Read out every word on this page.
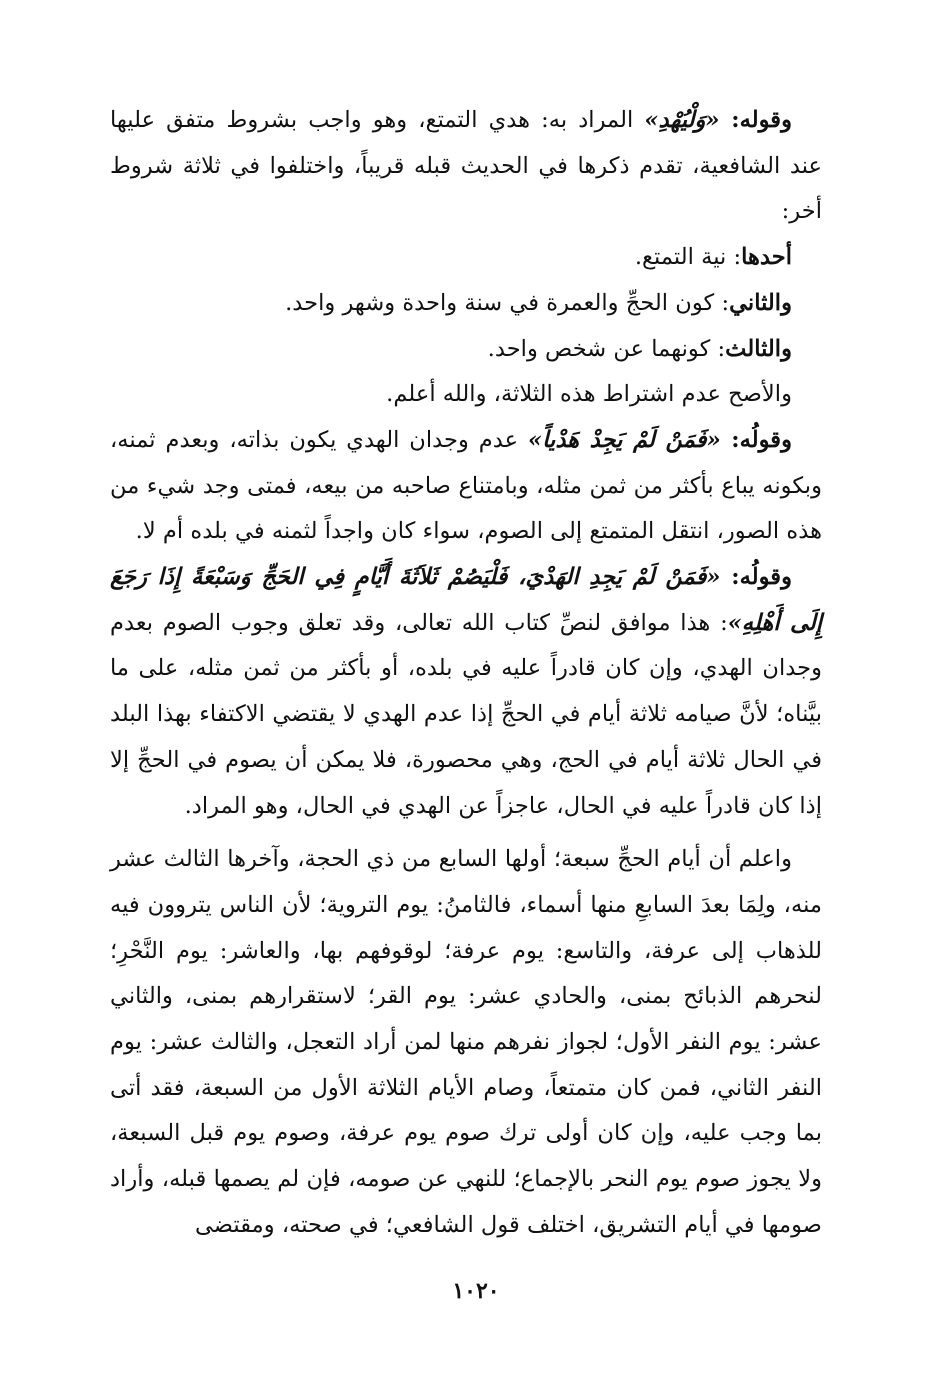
وقوله: «وَلْيُهْدِ» المراد به: هدي التمتع، وهو واجب بشروط متفق عليها عند الشافعية، تقدم ذكرها في الحديث قبله قريباً، واختلفوا في ثلاثة شروط أخر:

أحدها: نية التمتع.

والثاني: كون الحجِّ والعمرة في سنة واحدة وشهر واحد.

والثالث: كونهما عن شخص واحد.

والأصح عدم اشتراط هذه الثلاثة، والله أعلم.

وقولُه: «فَمَنْ لَمْ يَجِدْ هَدْياً» عدم وجدان الهدي يكون بذاته، وبعدم ثمنه، وبكونه يباع بأكثر من ثمن مثله، وبامتناع صاحبه من بيعه، فمتى وجد شيء من هذه الصور، انتقل المتمتع إلى الصوم، سواء كان واجداً لثمنه في بلده أم لا.

وقولُه: «فَمَنْ لَمْ يَجِدِ الهَدْيَ، فَلْيَصُمْ ثَلاَثَةَ أَيَّامٍ فِي الحَجِّ وَسَبْعَةً إِذَا رَجَعَ إِلَى أَهْلِهِ»: هذا موافق لنصِّ كتاب الله تعالى، وقد تعلق وجوب الصوم بعدم وجدان الهدي، وإن كان قادراً عليه في بلده، أو بأكثر من ثمن مثله، على ما بيَّناه؛ لأنَّ صيامه ثلاثة أيام في الحجِّ إذا عدم الهدي لا يقتضي الاكتفاء بهذا البلد في الحال ثلاثة أيام في الحج، وهي محصورة، فلا يمكن أن يصوم في الحجِّ إلا إذا كان قادراً عليه في الحال، عاجزاً عن الهدي في الحال، وهو المراد.

واعلم أن أيام الحجِّ سبعة؛ أولها السابع من ذي الحجة، وآخرها الثالث عشر منه، ولِمَا بعدَ السابعِ منها أسماء، فالثامنُ: يوم التروية؛ لأن الناس يتروون فيه للذهاب إلى عرفة، والتاسع: يوم عرفة؛ لوقوفهم بها، والعاشر: يوم النَّحْرِ؛ لنحرهم الذبائح بمنى، والحادي عشر: يوم القر؛ لاستقرارهم بمنى، والثاني عشر: يوم النفر الأول؛ لجواز نفرهم منها لمن أراد التعجل، والثالث عشر: يوم النفر الثاني، فمن كان متمتعاً، وصام الأيام الثلاثة الأول من السبعة، فقد أتى بما وجب عليه، وإن كان أولى ترك صوم يوم عرفة، وصوم يوم قبل السبعة، ولا يجوز صوم يوم النحر بالإجماع؛ للنهي عن صومه، فإن لم يصمها قبله، وأراد صومها في أيام التشريق، اختلف قول الشافعي؛ في صحته، ومقتضى

١٠٢٠
